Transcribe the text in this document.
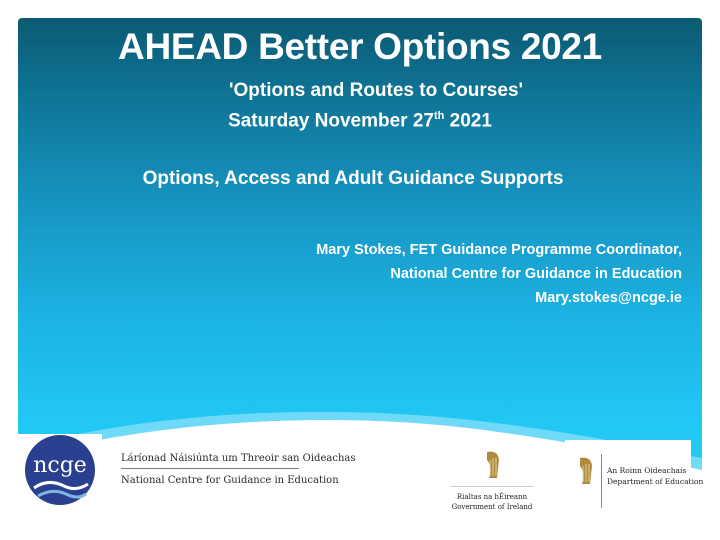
AHEAD Better Options 2021
'Options and Routes to Courses'
Saturday November 27th 2021
Options, Access and Adult Guidance Supports
Mary Stokes, FET Guidance Programme Coordinator,
National Centre for Guidance in Education
Mary.stokes@ncge.ie
ncge	Láríonad Náisiúnta um Threoir san Oideachas
National Centre for Guidance in Education
Rialtas na hÉireann
Government of Ireland
An Roinn Oideachais
Department of Education
